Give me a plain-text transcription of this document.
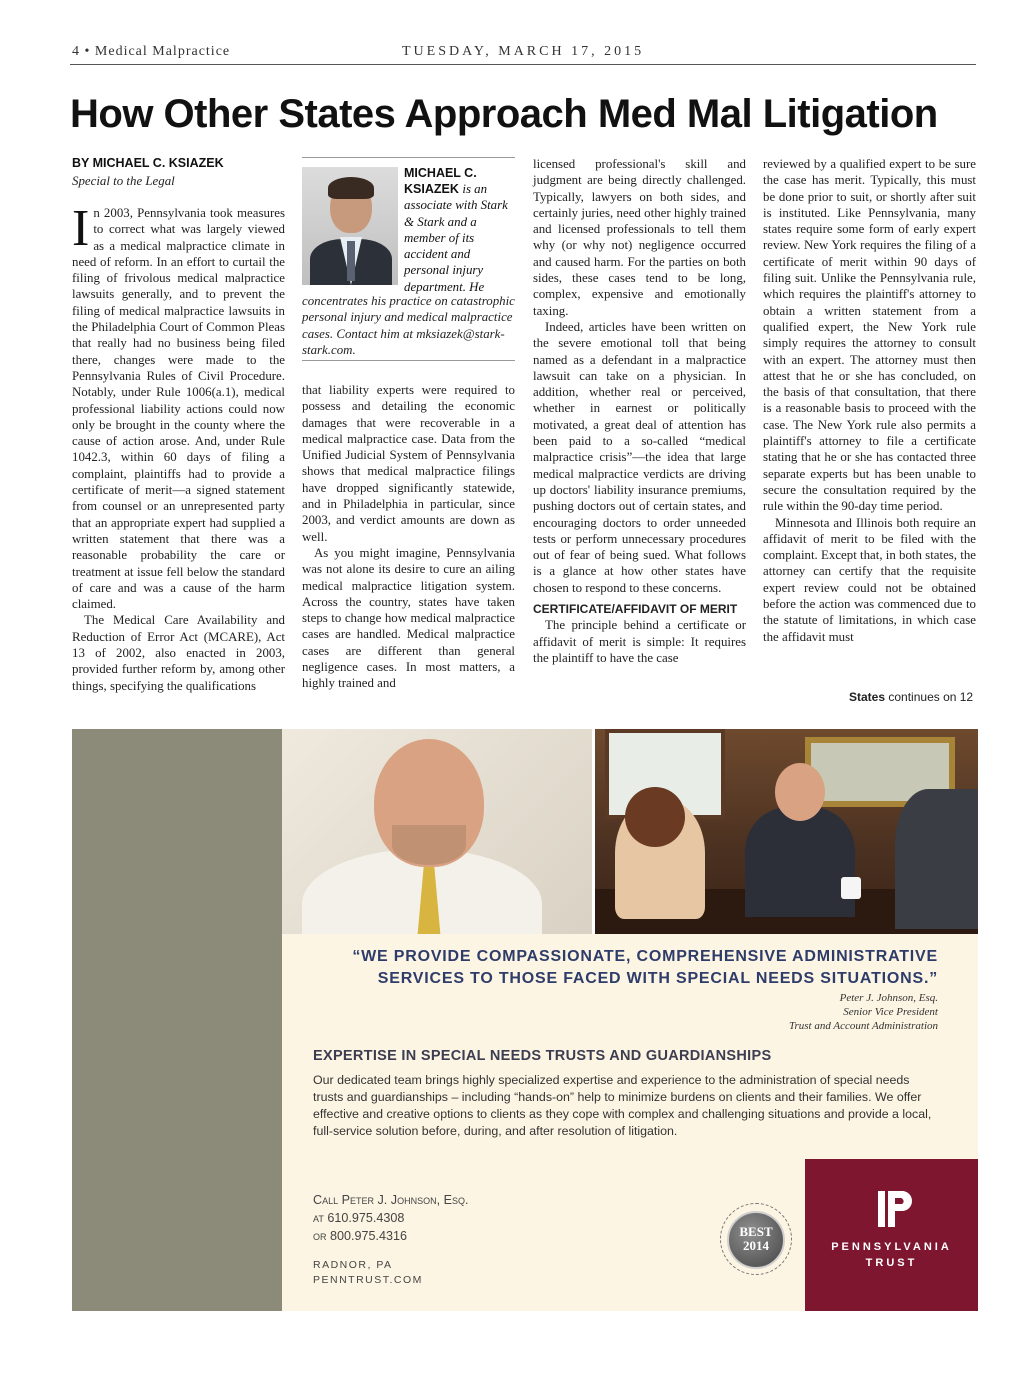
4 • Medical Malpractice	TUESDAY, MARCH 17, 2015
How Other States Approach Med Mal Litigation
BY MICHAEL C. KSIAZEK
Special to the Legal

In 2003, Pennsylvania took measures to correct what was largely viewed as a medical malpractice climate in need of reform. In an effort to curtail the filing of frivolous medical malpractice lawsuits generally, and to prevent the filing of medical malpractice lawsuits in the Philadelphia Court of Common Pleas that really had no business being filed there, changes were made to the Pennsylvania Rules of Civil Procedure. Notably, under Rule 1006(a.1), medical professional liability actions could now only be brought in the county where the cause of action arose. And, under Rule 1042.3, within 60 days of filing a complaint, plaintiffs had to provide a certificate of merit—a signed statement from counsel or an unrepresented party that an appropriate expert had supplied a written statement that there was a reasonable probability the care or treatment at issue fell below the standard of care and was a cause of the harm claimed.

The Medical Care Availability and Reduction of Error Act (MCARE), Act 13 of 2002, also enacted in 2003, provided further reform by, among other things, specifying the qualifications

MICHAEL C. KSIAZEK is an associate with Stark & Stark and a member of its accident and personal injury department. He
concentrates his practice on catastrophic personal injury and medical malpractice cases. Contact him at mksiazek@stark-stark.com.

that liability experts were required to possess and detailing the economic damages that were recoverable in a medical malpractice case. Data from the Unified Judicial System of Pennsylvania shows that medical malpractice filings have dropped significantly statewide, and in Philadelphia in particular, since 2003, and verdict amounts are down as well.

As you might imagine, Pennsylvania was not alone its desire to cure an ailing medical malpractice litigation system. Across the country, states have taken steps to change how medical malpractice cases are handled. Medical malpractice cases are different than general negligence cases. In most matters, a highly trained and

licensed professional's skill and judgment are being directly challenged. Typically, lawyers on both sides, and certainly juries, need other highly trained and licensed professionals to tell them why (or why not) negligence occurred and caused harm. For the parties on both sides, these cases tend to be long, complex, expensive and emotionally taxing.

Indeed, articles have been written on the severe emotional toll that being named as a defendant in a malpractice lawsuit can take on a physician. In addition, whether real or perceived, whether in earnest or politically motivated, a great deal of attention has been paid to a so-called “medical malpractice crisis”—the idea that large medical malpractice verdicts are driving up doctors' liability insurance premiums, pushing doctors out of certain states, and encouraging doctors to order unneeded tests or perform unnecessary procedures out of fear of being sued. What follows is a glance at how other states have chosen to respond to these concerns.

CERTIFICATE/AFFIDAVIT OF MERIT

The principle behind a certificate or affidavit of merit is simple: It requires the plaintiff to have the case

reviewed by a qualified expert to be sure the case has merit. Typically, this must be done prior to suit, or shortly after suit is instituted. Like Pennsylvania, many states require some form of early expert review. New York requires the filing of a certificate of merit within 90 days of filing suit. Unlike the Pennsylvania rule, which requires the plaintiff's attorney to obtain a written statement from a qualified expert, the New York rule simply requires the attorney to consult with an expert. The attorney must then attest that he or she has concluded, on the basis of that consultation, that there is a reasonable basis to proceed with the case. The New York rule also permits a plaintiff's attorney to file a certificate stating that he or she has contacted three separate experts but has been unable to secure the consultation required by the rule within the 90-day time period.

Minnesota and Illinois both require an affidavit of merit to be filed with the complaint. Except that, in both states, the attorney can certify that the requisite expert review could not be obtained before the action was commenced due to the statute of limitations, in which case the affidavit must

States continues on 12
“WE PROVIDE COMPASSIONATE, COMPREHENSIVE ADMINISTRATIVE
SERVICES TO THOSE FACED WITH SPECIAL NEEDS SITUATIONS.”
Peter J. Johnson, Esq.
Senior Vice President
Trust and Account Administration
EXPERTISE IN SPECIAL NEEDS TRUSTS AND GUARDIANSHIPS
Our dedicated team brings highly specialized expertise and experience to the administration of special needs trusts and guardianships – including “hands-on” help to minimize burdens on clients and their families. We offer effective and creative options to clients as they cope with complex and challenging situations and provide a local, full-service solution before, during, and after resolution of litigation.
Call Peter J. Johnson, Esq.
at 610.975.4308
or 800.975.4316
RADNOR, PA
PENNTRUST.COM
BEST
2014	PENNSYLVANIA
TRUST
